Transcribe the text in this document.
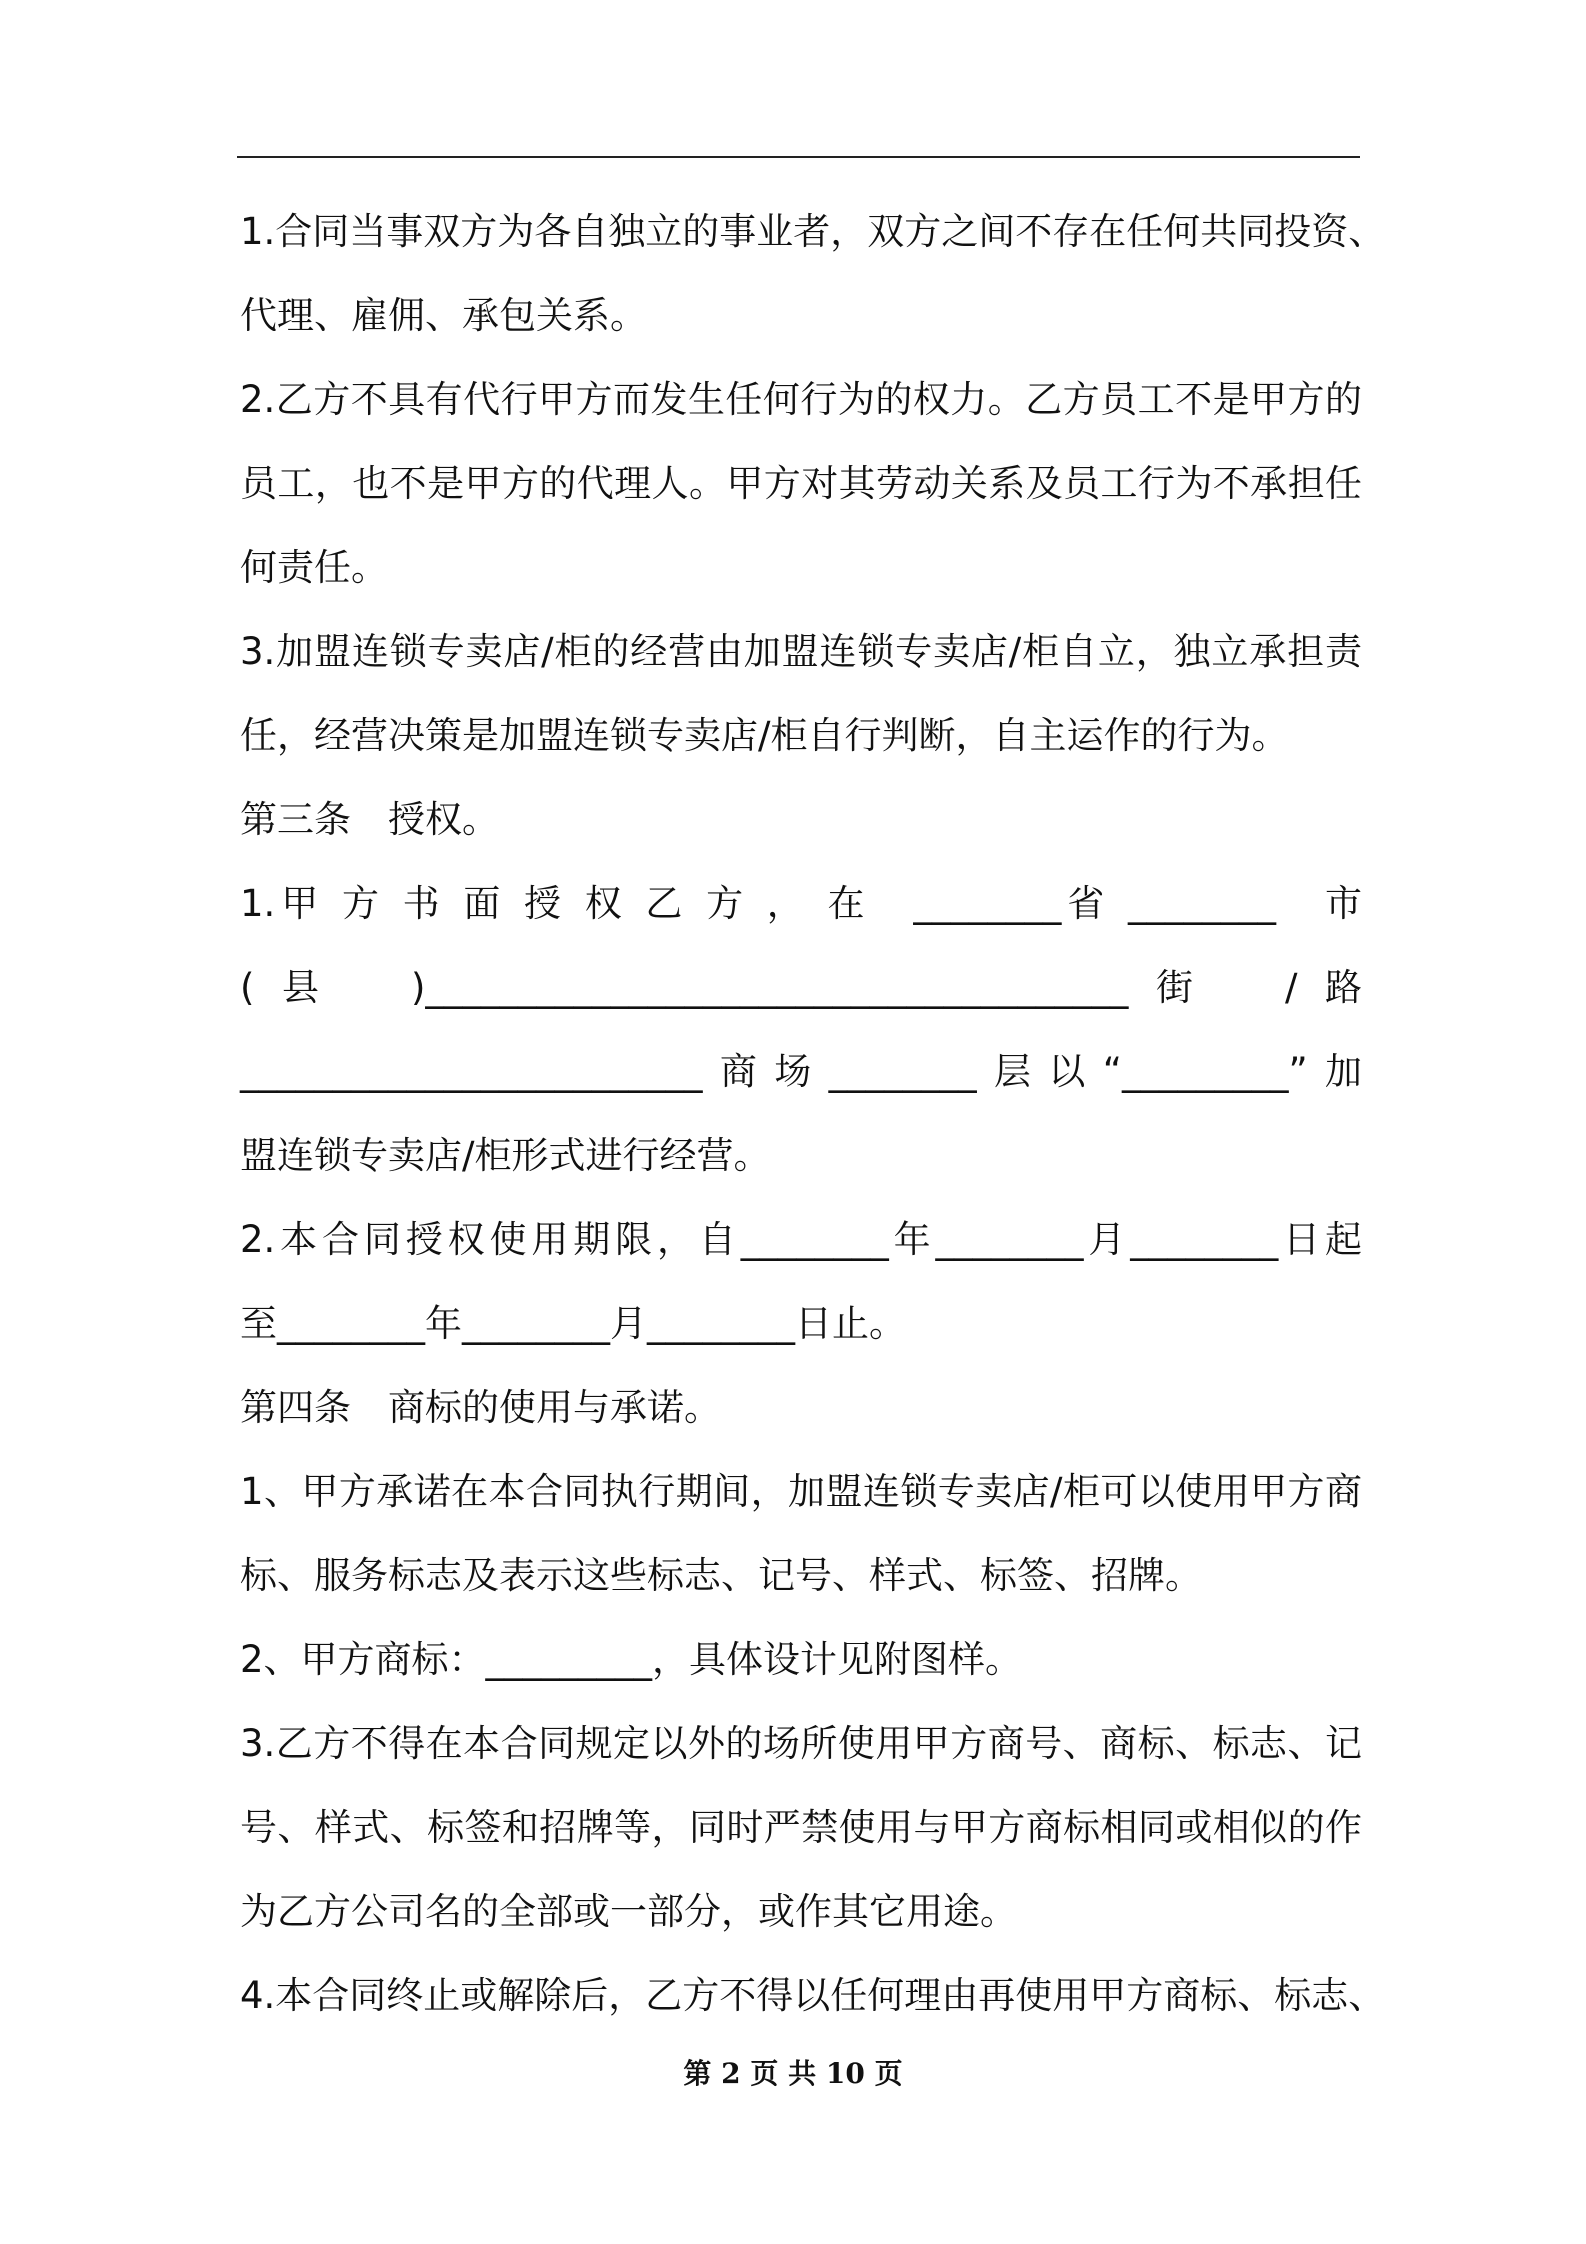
1.合同当事双方为各自独立的事业者，双方之间不存在任何共同投资、
代理、雇佣、承包关系。
2.乙方不具有代行甲方而发生任何行为的权力。乙方员工不是甲方的
员工，也不是甲方的代理人。甲方对其劳动关系及员工行为不承担任
何责任。
3.加盟连锁专卖店/柜的经营由加盟连锁专卖店/柜自立，独立承担责
任，经营决策是加盟连锁专卖店/柜自行判断，自主运作的行为。
第三条　授权。
1.甲 方 书 面 授 权 乙 方 ， 在　________省 ________　市
(县　)______________________________________街　/路
_________________________商场________层以“_________”加
盟连锁专卖店/柜形式进行经营。
2.本合同授权使用期限，自________年________月________日起
至________年________月________日止。
第四条　商标的使用与承诺。
1、甲方承诺在本合同执行期间，加盟连锁专卖店/柜可以使用甲方商
标、服务标志及表示这些标志、记号、样式、标签、招牌。
2、甲方商标：_________，具体设计见附图样。
3.乙方不得在本合同规定以外的场所使用甲方商号、商标、标志、记
号、样式、标签和招牌等，同时严禁使用与甲方商标相同或相似的作
为乙方公司名的全部或一部分，或作其它用途。
4.本合同终止或解除后，乙方不得以任何理由再使用甲方商标、标志、
第 2 页 共 10 页
